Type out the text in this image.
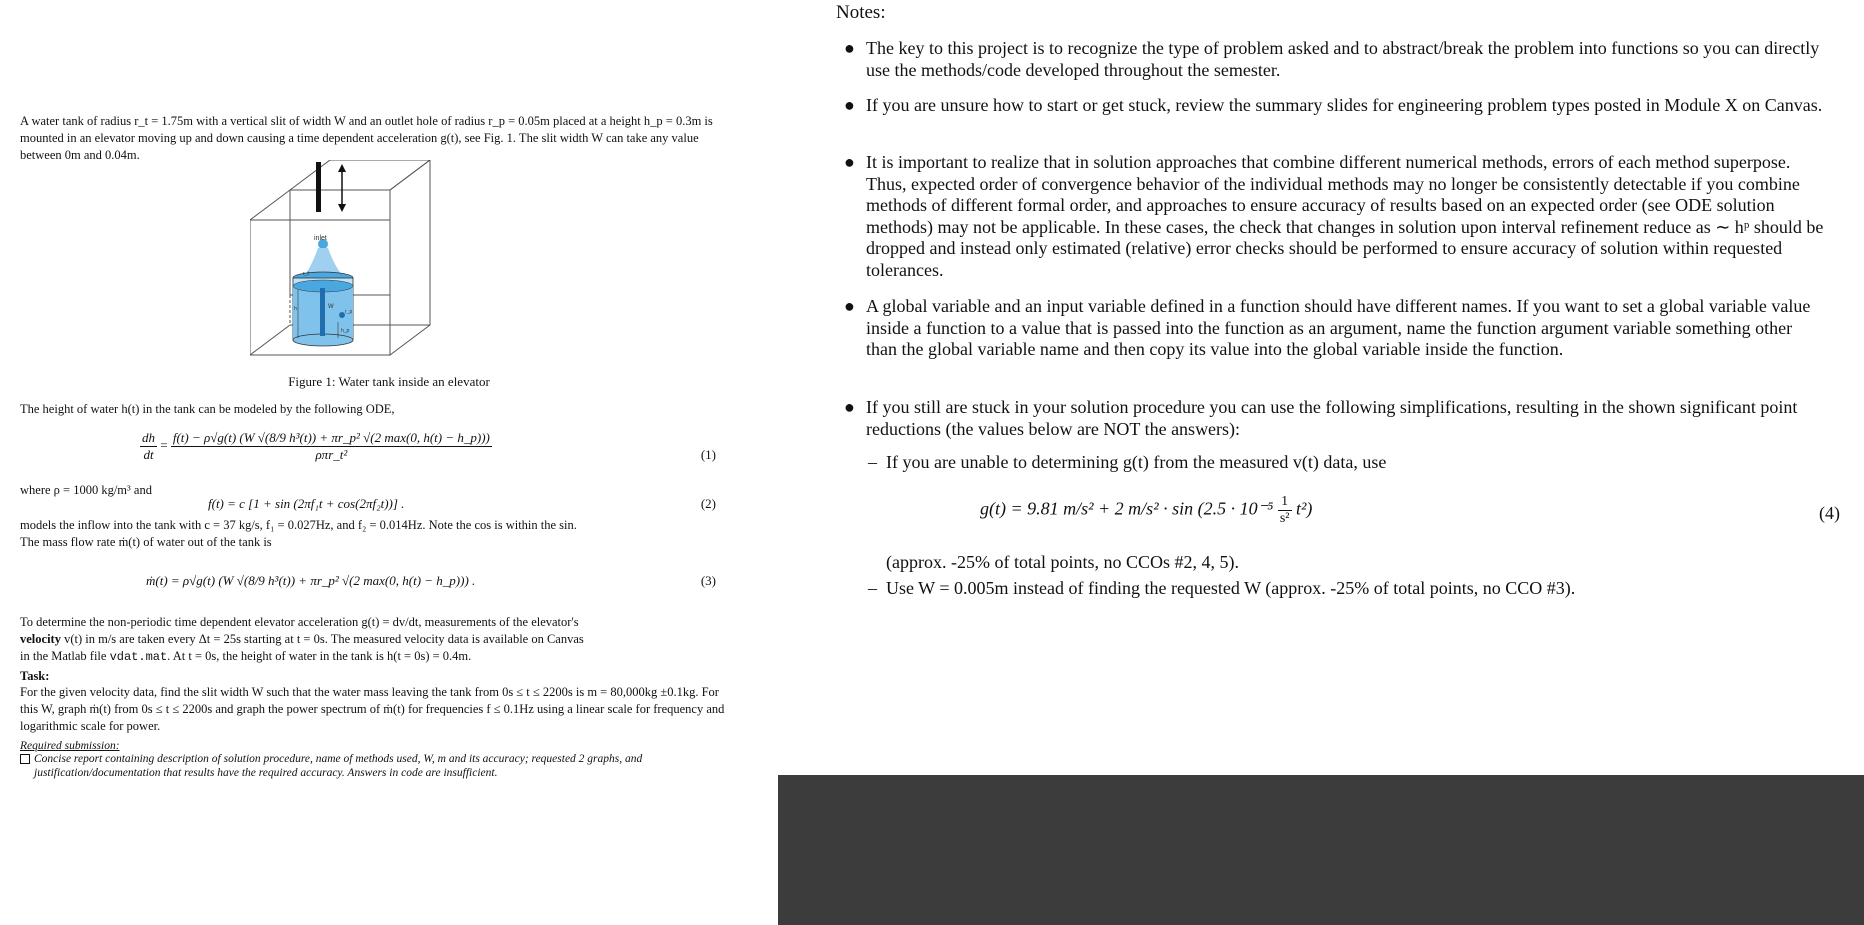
A water tank of radius r_t = 1.75m with a vertical slit of width W and an outlet hole of radius r_p = 0.05m placed at a height h_p = 0.3m is mounted in an elevator moving up and down causing a time dependent acceleration g(t), see Fig. 1. The slit width W can take any value between 0m and 0.04m.
inlet
r_t
W
r_p
h_p
h
Figure 1: Water tank inside an elevator
The height of water h(t) in the tank can be modeled by the following ODE,
$\frac{dh}{dt} = f(t) - \rho√g(t)$ (W √(8/9 h³(t)) + πr_p² √(2 max(0, h(t) − h_p)))
ρπr_t²	(1)
where ρ = 1000 kg/m³ and
f(t) = c [1 + sin (2πf₁t + cos(2πf₂t))] .	(2)
models the inflow into the tank with c = 37 kg/s, f₁ = 0.027Hz, and f₂ = 0.014Hz. Note the cos is within the sin.
The mass flow rate ṁ(t) of water out of the tank is
ṁ(t) = ρ√g(t) (W √(8/9 h³(t)) + πr_p² √(2 max(0, h(t) − h_p))) .	(3)
To determine the non-periodic time dependent elevator acceleration g(t) = dv/dt, measurements of the elevator's
velocity v(t) in m/s are taken every Δt = 25s starting at t = 0s. The measured velocity data is available on Canvas
in the Matlab file vdat.mat. At t = 0s, the height of water in the tank is h(t = 0s) = 0.4m.
Task:
For the given velocity data, find the slit width W such that the water mass leaving the tank from 0s ≤ t ≤ 2200s is m = 80,000kg ±0.1kg. For this W, graph ṁ(t) from 0s ≤ t ≤ 2200s and graph the power spectrum of ṁ(t) for frequencies f ≤ 0.1Hz using a linear scale for frequency and logarithmic scale for power.
Required submission:
Concise report containing description of solution procedure, name of methods used, W, m and its accuracy; requested 2 graphs, and justification/documentation that results have the required accuracy. Answers in code are insufficient.
Notes:
● The key to this project is to recognize the type of problem asked and to abstract/break the problem into functions so you can directly use the methods/code developed throughout the semester.
● If you are unsure how to start or get stuck, review the summary slides for engineering problem types posted in Module X on Canvas.
● It is important to realize that in solution approaches that combine different numerical methods, errors of each method superpose. Thus, expected order of convergence behavior of the individual methods may no longer be consistently detectable if you combine methods of different formal order, and approaches to ensure accuracy of results based on an expected order (see ODE solution methods) may not be applicable. In these cases, the check that changes in solution upon interval refinement reduce as ∼ hᵖ should be dropped and instead only estimated (relative) error checks should be performed to ensure accuracy of solution within requested tolerances.
● A global variable and an input variable defined in a function should have different names. If you want to set a global variable value inside a function to a value that is passed into the function as an argument, name the function argument variable something other than the global variable name and then copy its value into the global variable inside the function.
● If you still are stuck in your solution procedure you can use the following simplifications, resulting in the shown significant point reductions (the values below are NOT the answers):
– If you are unable to determining g(t) from the measured v(t) data, use
g(t) = 9.81 m/s² + 2 $m/s^2 \cdot \sin (2.5 \cdot 10^{-5} \frac{1}{\text{s²}} t^2)$	(4)
(approx. -25% of total points, no CCOs #2, 4, 5).
– Use W = 0.005m instead of finding the requested W (approx. -25% of total points, no CCO #3).
